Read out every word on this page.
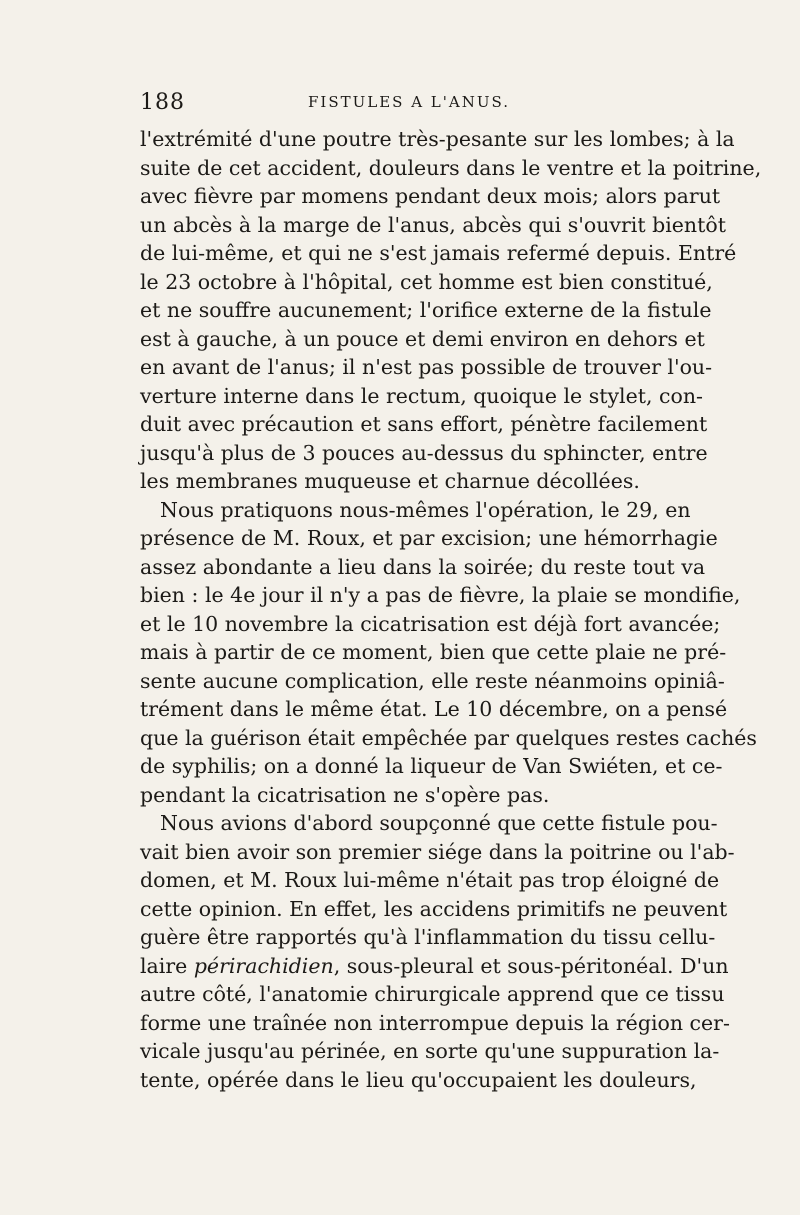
188	FISTULES A L'ANUS.
l'extrémité d'une poutre très-pesante sur les lombes; à la
suite de cet accident, douleurs dans le ventre et la poitrine,
avec fièvre par momens pendant deux mois; alors parut
un abcès à la marge de l'anus, abcès qui s'ouvrit bientôt
de lui-même, et qui ne s'est jamais refermé depuis. Entré
le 23 octobre à l'hôpital, cet homme est bien constitué,
et ne souffre aucunement; l'orifice externe de la fistule
est à gauche, à un pouce et demi environ en dehors et
en avant de l'anus; il n'est pas possible de trouver l'ou-
verture interne dans le rectum, quoique le stylet, con-
duit avec précaution et sans effort, pénètre facilement
jusqu'à plus de 3 pouces au-dessus du sphincter, entre
les membranes muqueuse et charnue décollées.
Nous pratiquons nous-mêmes l'opération, le 29, en
présence de M. Roux, et par excision; une hémorrhagie
assez abondante a lieu dans la soirée; du reste tout va
bien : le 4e jour il n'y a pas de fièvre, la plaie se mondifie,
et le 10 novembre la cicatrisation est déjà fort avancée;
mais à partir de ce moment, bien que cette plaie ne pré-
sente aucune complication, elle reste néanmoins opiniâ-
trément dans le même état. Le 10 décembre, on a pensé
que la guérison était empêchée par quelques restes cachés
de syphilis; on a donné la liqueur de Van Swiéten, et ce-
pendant la cicatrisation ne s'opère pas.
Nous avions d'abord soupçonné que cette fistule pou-
vait bien avoir son premier siége dans la poitrine ou l'ab-
domen, et M. Roux lui-même n'était pas trop éloigné de
cette opinion. En effet, les accidens primitifs ne peuvent
guère être rapportés qu'à l'inflammation du tissu cellu-
laire périrachidien, sous-pleural et sous-péritonéal. D'un
autre côté, l'anatomie chirurgicale apprend que ce tissu
forme une traînée non interrompue depuis la région cer-
vicale jusqu'au périnée, en sorte qu'une suppuration la-
tente, opérée dans le lieu qu'occupaient les douleurs,
